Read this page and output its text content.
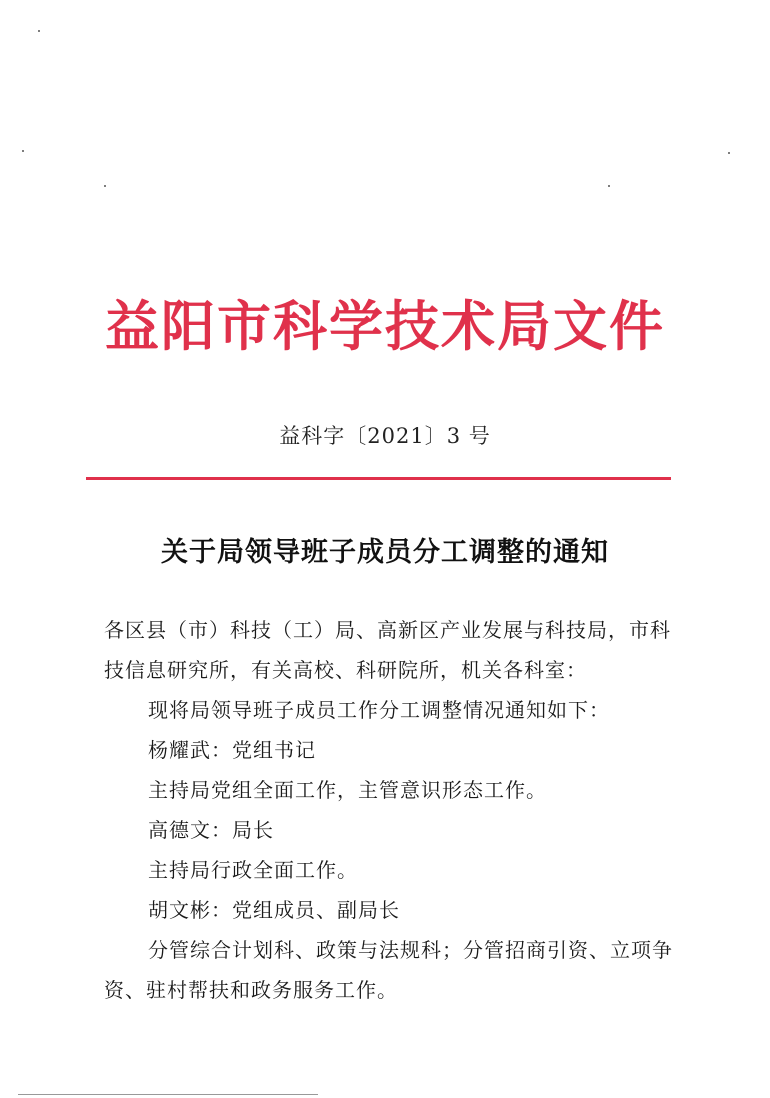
益阳市科学技术局文件
益科字〔2021〕3 号
关于局领导班子成员分工调整的通知
各区县（市）科技（工）局、高新区产业发展与科技局，市科
技信息研究所，有关高校、科研院所，机关各科室：
现将局领导班子成员工作分工调整情况通知如下：
杨耀武：党组书记
主持局党组全面工作，主管意识形态工作。
高德文：局长
主持局行政全面工作。
胡文彬：党组成员、副局长
分管综合计划科、政策与法规科；分管招商引资、立项争
资、驻村帮扶和政务服务工作。
